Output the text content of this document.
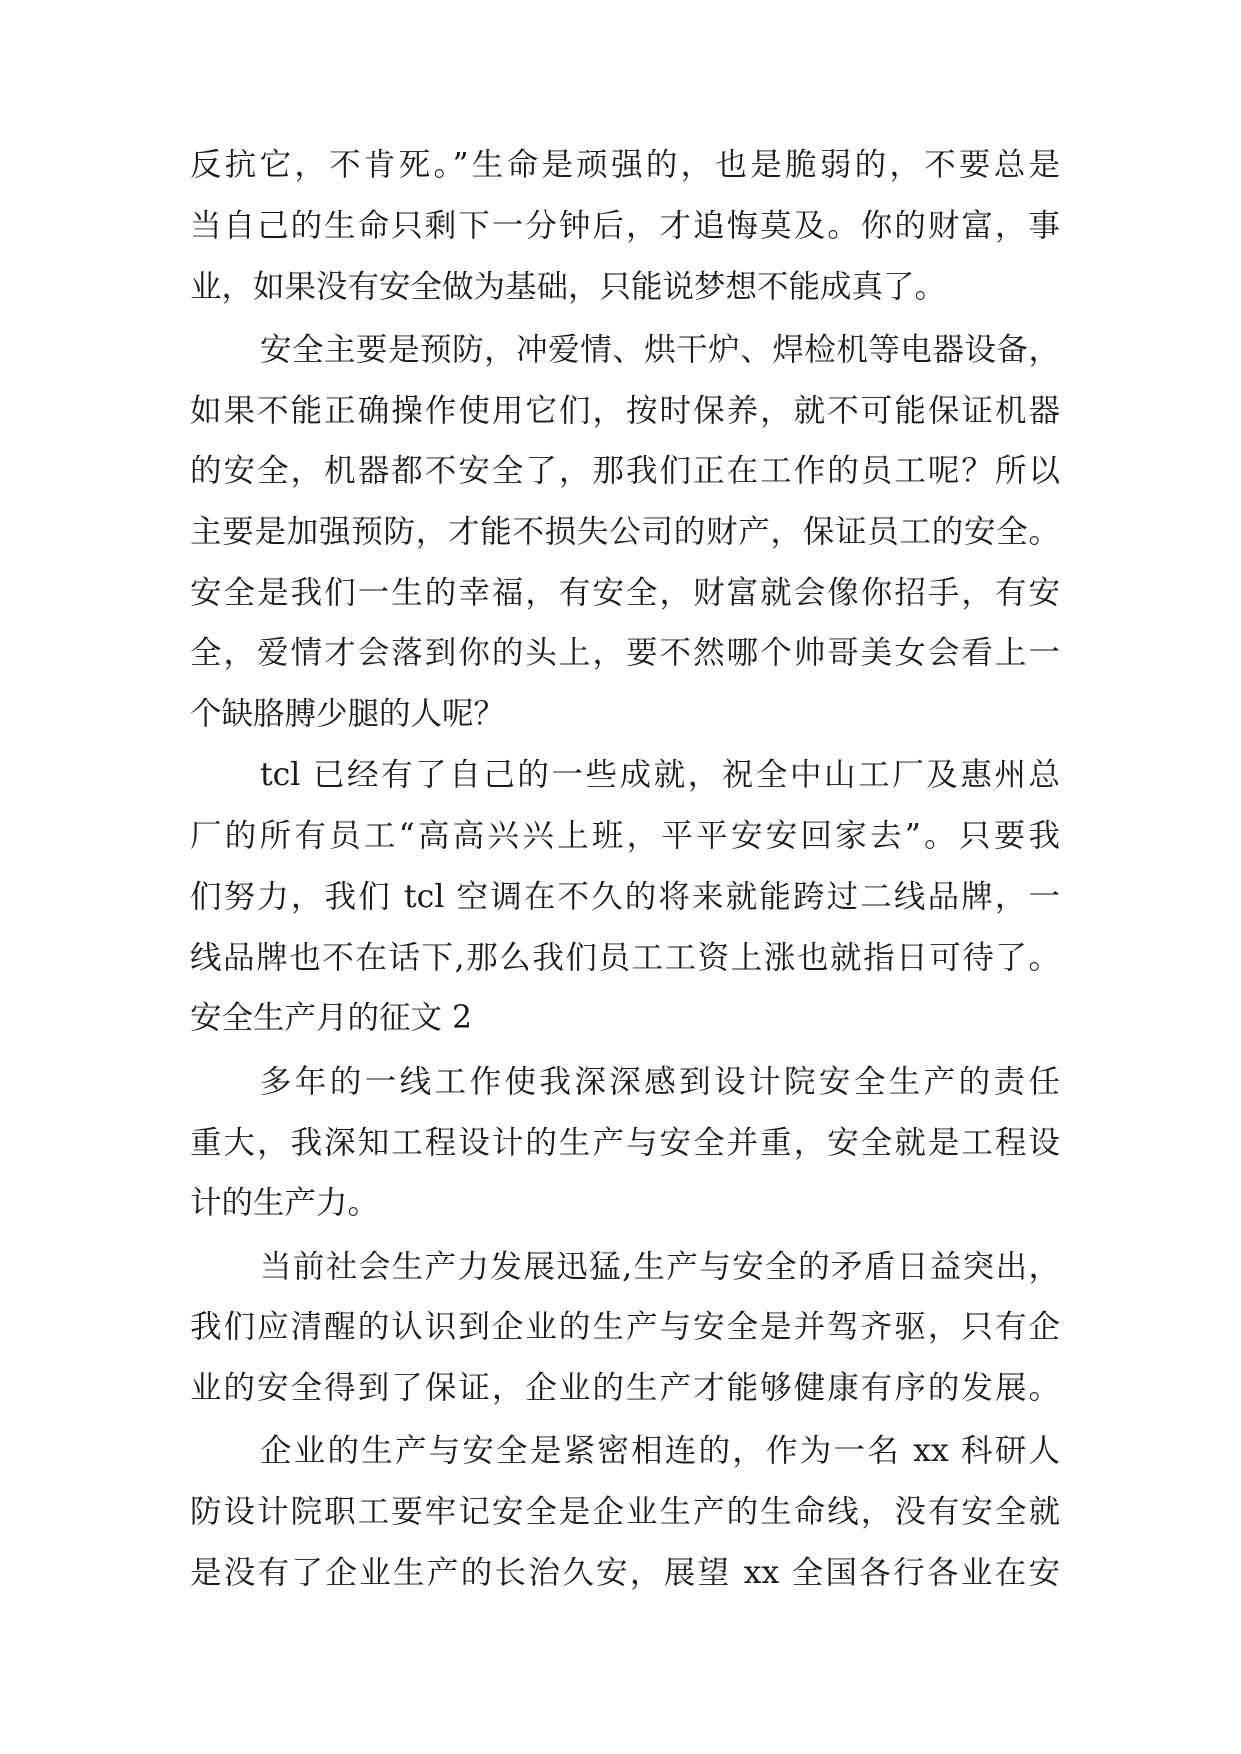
反抗它，不肯死。”生命是顽强的，也是脆弱的，不要总是
当自己的生命只剩下一分钟后，才追悔莫及。你的财富，事
业，如果没有安全做为基础，只能说梦想不能成真了。
安全主要是预防，冲爱情、烘干炉、焊检机等电器设备，
如果不能正确操作使用它们，按时保养，就不可能保证机器
的安全，机器都不安全了，那我们正在工作的员工呢？所以
主要是加强预防，才能不损失公司的财产，保证员工的安全。
安全是我们一生的幸福，有安全，财富就会像你招手，有安
全，爱情才会落到你的头上，要不然哪个帅哥美女会看上一
个缺胳膊少腿的人呢？
tcl 已经有了自己的一些成就，祝全中山工厂及惠州总
厂的所有员工“高高兴兴上班，平平安安回家去”。只要我
们努力，我们 tcl 空调在不久的将来就能跨过二线品牌，一
线品牌也不在话下,那么我们员工工资上涨也就指日可待了。
安全生产月的征文 2
多年的一线工作使我深深感到设计院安全生产的责任
重大，我深知工程设计的生产与安全并重，安全就是工程设
计的生产力。
当前社会生产力发展迅猛,生产与安全的矛盾日益突出，
我们应清醒的认识到企业的生产与安全是并驾齐驱，只有企
业的安全得到了保证，企业的生产才能够健康有序的发展。
企业的生产与安全是紧密相连的，作为一名 xx 科研人
防设计院职工要牢记安全是企业生产的生命线，没有安全就
是没有了企业生产的长治久安，展望 xx 全国各行各业在安
